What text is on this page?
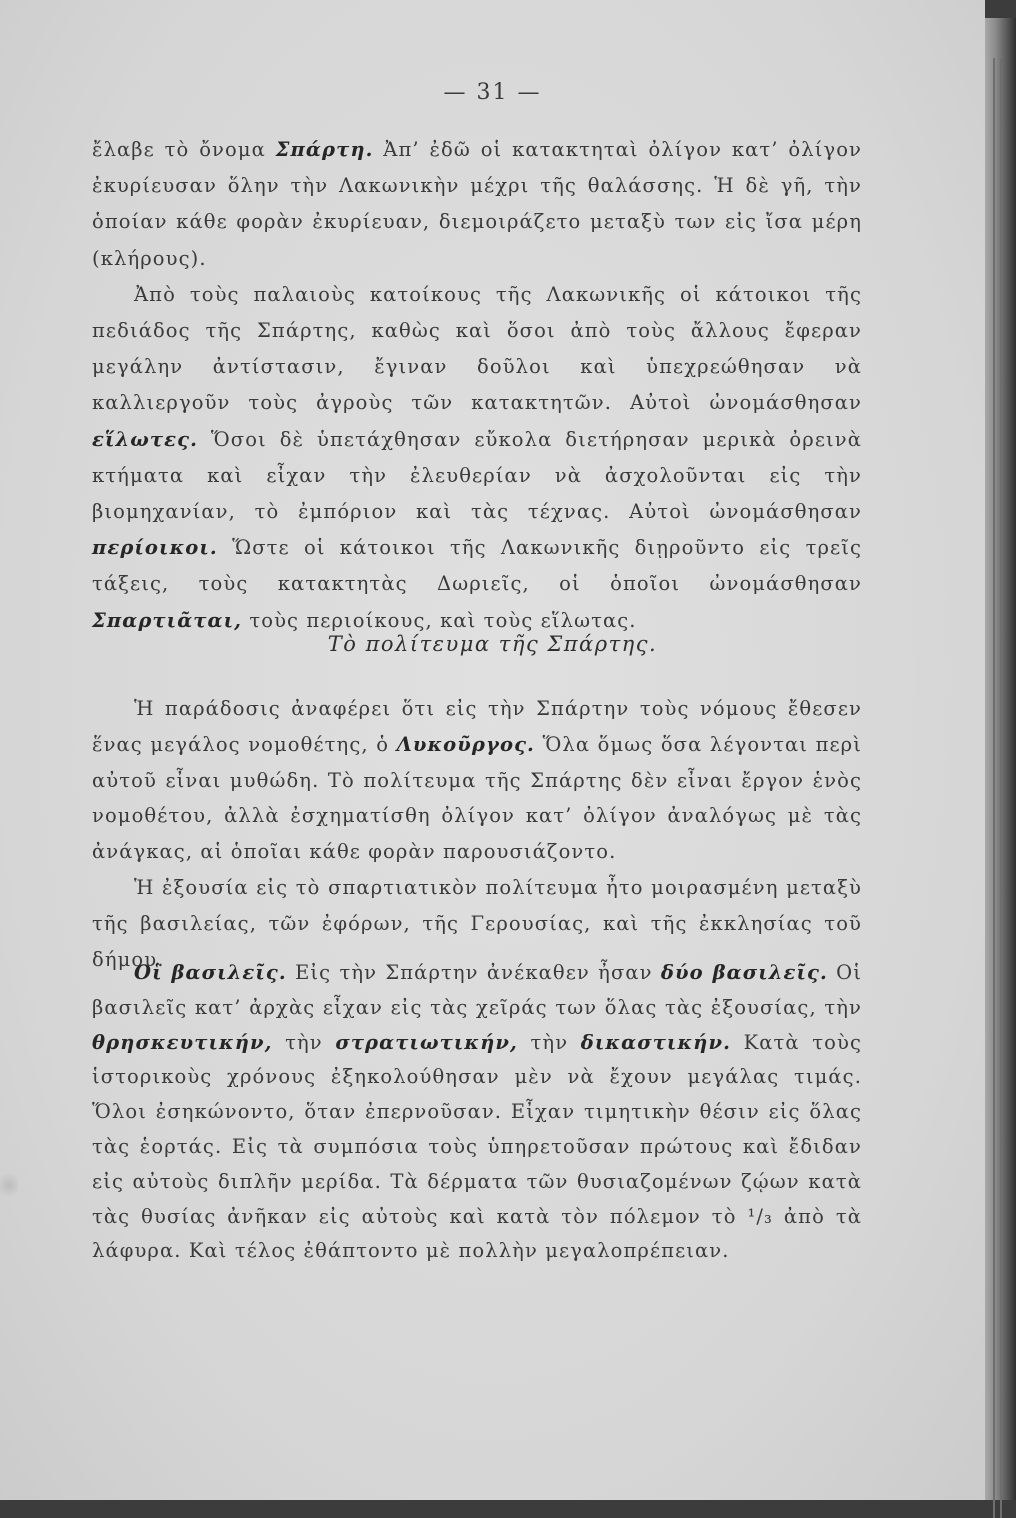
— 31 —

ἔλαβε τὸ ὄνομα Σπάρτη. Ἀπ’ ἐδῶ οἱ κατακτηταὶ ὀλίγον κατ’ ὀλίγον ἐκυρίευσαν ὅλην τὴν Λακωνικὴν μέχρι τῆς θαλάσσης. Ἡ δὲ γῆ, τὴν ὁποίαν κάθε φορὰν ἐκυρίευαν, διεμοιράζετο μεταξὺ των εἰς ἴσα μέρη (κλήρους).

Ἀπὸ τοὺς παλαιοὺς κατοίκους τῆς Λακωνικῆς οἱ κάτοικοι τῆς πεδιάδος τῆς Σπάρτης, καθὼς καὶ ὅσοι ἀπὸ τοὺς ἄλλους ἔφεραν μεγάλην ἀντίστασιν, ἔγιναν δοῦλοι καὶ ὑπεχρεώθησαν νὰ καλλιεργοῦν τοὺς ἀγροὺς τῶν κατακτητῶν. Αὐτοὶ ὠνομάσθησαν εἵλωτες. Ὅσοι δὲ ὑπετάχθησαν εὔκολα διετήρησαν μερικὰ ὀρεινὰ κτήματα καὶ εἶχαν τὴν ἐλευθερίαν νὰ ἀσχολοῦνται εἰς τὴν βιομηχανίαν, τὸ ἐμπόριον καὶ τὰς τέχνας. Αὐτοὶ ὠνομάσθησαν περίοικοι. Ὥστε οἱ κάτοικοι τῆς Λακωνικῆς διῃροῦντο εἰς τρεῖς τάξεις, τοὺς κατακτητὰς Δωριεῖς, οἱ ὁποῖοι ὠνομάσθησαν Σπαρτιᾶται, τοὺς περιοίκους, καὶ τοὺς εἵλωτας.

Τὸ πολίτευμα τῆς Σπάρτης.

Ἡ παράδοσις ἀναφέρει ὅτι εἰς τὴν Σπάρτην τοὺς νόμους ἔθεσεν ἕνας μεγάλος νομοθέτης, ὁ Λυκοῦργος. Ὅλα ὅμως ὅσα λέγονται περὶ αὐτοῦ εἶναι μυθώδη. Τὸ πολίτευμα τῆς Σπάρτης δὲν εἶναι ἔργον ἑνὸς νομοθέτου, ἀλλὰ ἐσχηματίσθη ὀλίγον κατ’ ὀλίγον ἀναλόγως μὲ τὰς ἀνάγκας, αἱ ὁποῖαι κάθε φορὰν παρουσιάζοντο.

Ἡ ἐξουσία εἰς τὸ σπαρτιατικὸν πολίτευμα ἦτο μοιρασμένη μεταξὺ τῆς βασιλείας, τῶν ἐφόρων, τῆς Γερουσίας, καὶ τῆς ἐκκλησίας τοῦ δήμου.

Οἱ βασιλεῖς. Εἰς τὴν Σπάρτην ἀνέκαθεν ἦσαν δύο βασιλεῖς. Οἱ βασιλεῖς κατ’ ἀρχὰς εἶχαν εἰς τὰς χεῖράς των ὅλας τὰς ἐξουσίας, τὴν θρησκευτικήν, τὴν στρατιωτικήν, τὴν δικαστικήν. Κατὰ τοὺς ἱστορικοὺς χρόνους ἐξηκολούθησαν μὲν νὰ ἔχουν μεγάλας τιμάς. Ὅλοι ἐσηκώνοντο, ὅταν ἐπερνοῦσαν. Εἶχαν τιμητικὴν θέσιν εἰς ὅλας τὰς ἑορτάς. Εἰς τὰ συμπόσια τοὺς ὑπηρετοῦσαν πρώτους καὶ ἔδιδαν εἰς αὐτοὺς διπλῆν μερίδα. Τὰ δέρματα τῶν θυσιαζομένων ζῴων κατὰ τὰς θυσίας ἀνῆκαν εἰς αὐτοὺς καὶ κατὰ τὸν πόλεμον τὸ ¹/₃ ἀπὸ τὰ λάφυρα. Καὶ τέλος ἐθάπτοντο μὲ πολλὴν μεγαλοπρέπειαν.
